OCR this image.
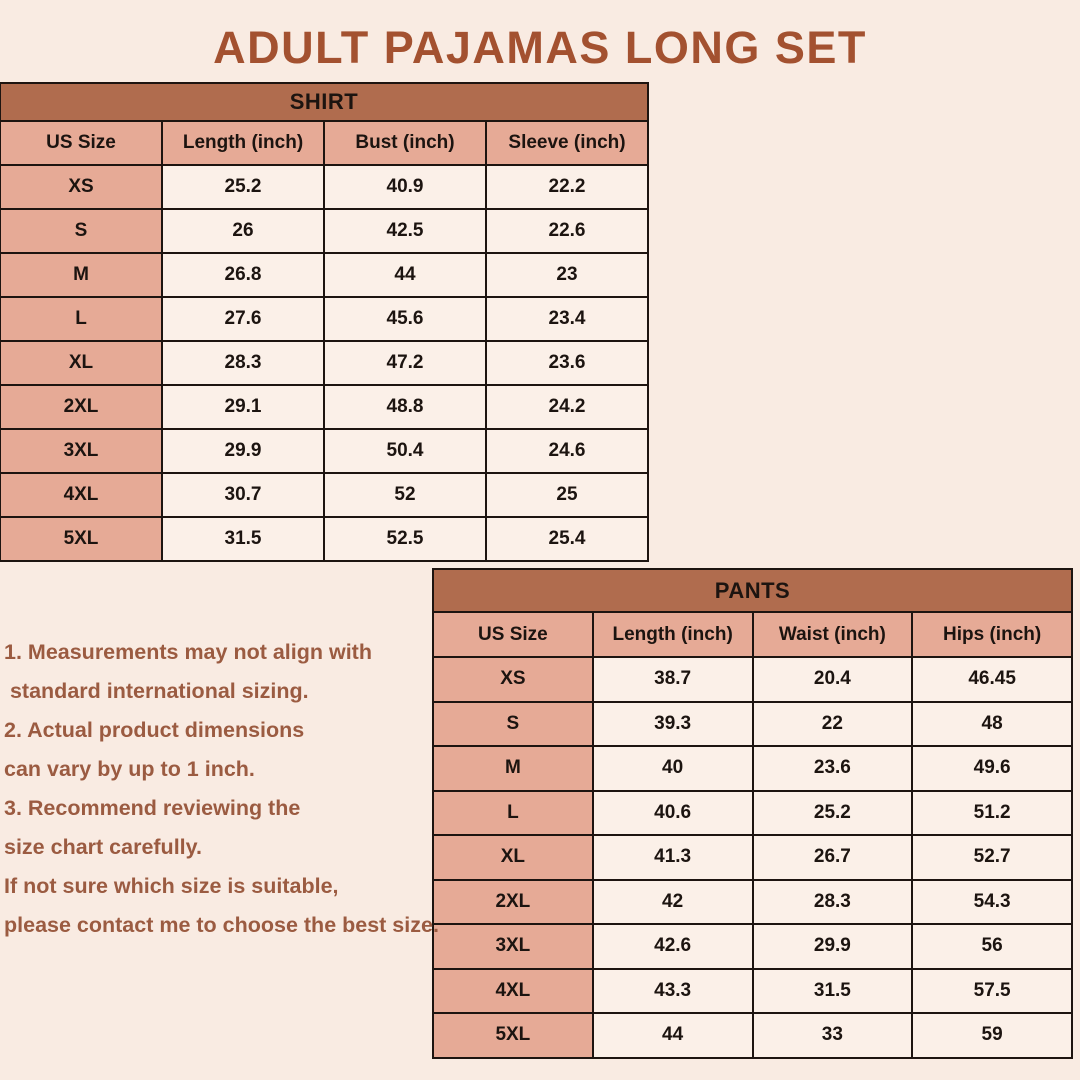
ADULT PAJAMAS LONG SET
SHIRT			
US Size	Length (inch)	Bust (inch)	Sleeve (inch)
XS	25.2	40.9	22.2
S	26	42.5	22.6
M	26.8	44	23
L	27.6	45.6	23.4
XL	28.3	47.2	23.6
2XL	29.1	48.8	24.2
3XL	29.9	50.4	24.6
4XL	30.7	52	25
5XL	31.5	52.5	25.4
PANTS			
US Size	Length (inch)	Waist (inch)	Hips (inch)
XS	38.7	20.4	46.45
S	39.3	22	48
M	40	23.6	49.6
L	40.6	25.2	51.2
XL	41.3	26.7	52.7
2XL	42	28.3	54.3
3XL	42.6	29.9	56
4XL	43.3	31.5	57.5
5XL	44	33	59
1. Measurements may not align with
standard international sizing.
2. Actual product dimensions
can vary by up to 1 inch.
3. Recommend reviewing the
size chart carefully.
If not sure which size is suitable,
please contact me to choose the best size.
